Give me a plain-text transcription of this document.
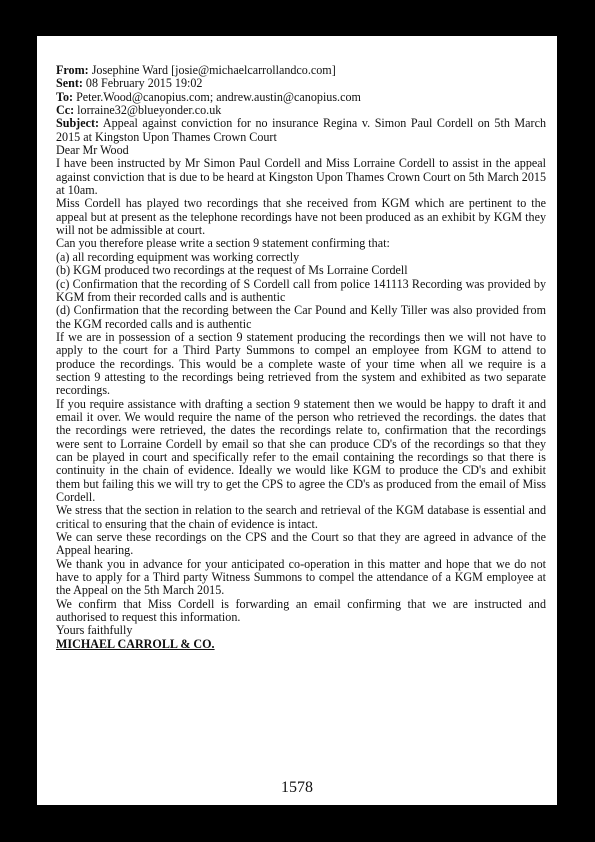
From: Josephine Ward [josie@michaelcarrollandco.com]

Sent: 08 February 2015 19:02

To: Peter.Wood@canopius.com; andrew.austin@canopius.com

Cc: lorraine32@blueyonder.co.uk

Subject: Appeal against conviction for no insurance Regina v. Simon Paul Cordell on 5th March 2015 at Kingston Upon Thames Crown Court

Dear Mr Wood

I have been instructed by Mr Simon Paul Cordell and Miss Lorraine Cordell to assist in the appeal against conviction that is due to be heard at Kingston Upon Thames Crown Court on 5th March 2015 at 10am.

Miss Cordell has played two recordings that she received from KGM which are pertinent to the appeal but at present as the telephone recordings have not been produced as an exhibit by KGM they will not be admissible at court.

Can you therefore please write a section 9 statement confirming that:

(a) all recording equipment was working correctly

(b) KGM produced two recordings at the request of Ms Lorraine Cordell

(c) Confirmation that the recording of S Cordell call from police 141113 Recording was provided by KGM from their recorded calls and is authentic

(d) Confirmation that the recording between the Car Pound and Kelly Tiller was also provided from the KGM recorded calls and is authentic

If we are in possession of a section 9 statement producing the recordings then we will not have to apply to the court for a Third Party Summons to compel an employee from KGM to attend to produce the recordings. This would be a complete waste of your time when all we require is a section 9 attesting to the recordings being retrieved from the system and exhibited as two separate recordings.

If you require assistance with drafting a section 9 statement then we would be happy to draft it and email it over. We would require the name of the person who retrieved the recordings. the dates that the recordings were retrieved, the dates the recordings relate to, confirmation that the recordings were sent to Lorraine Cordell by email so that she can produce CD's of the recordings so that they can be played in court and specifically refer to the email containing the recordings so that there is continuity in the chain of evidence. Ideally we would like KGM to produce the CD's and exhibit them but failing this we will try to get the CPS to agree the CD's as produced from the email of Miss Cordell.

We stress that the section in relation to the search and retrieval of the KGM database is essential and critical to ensuring that the chain of evidence is intact.

We can serve these recordings on the CPS and the Court so that they are agreed in advance of the Appeal hearing.

We thank you in advance for your anticipated co-operation in this matter and hope that we do not have to apply for a Third party Witness Summons to compel the attendance of a KGM employee at the Appeal on the 5th March 2015.

We confirm that Miss Cordell is forwarding an email confirming that we are instructed and authorised to request this information.

Yours faithfully

MICHAEL CARROLL & CO.

1578
